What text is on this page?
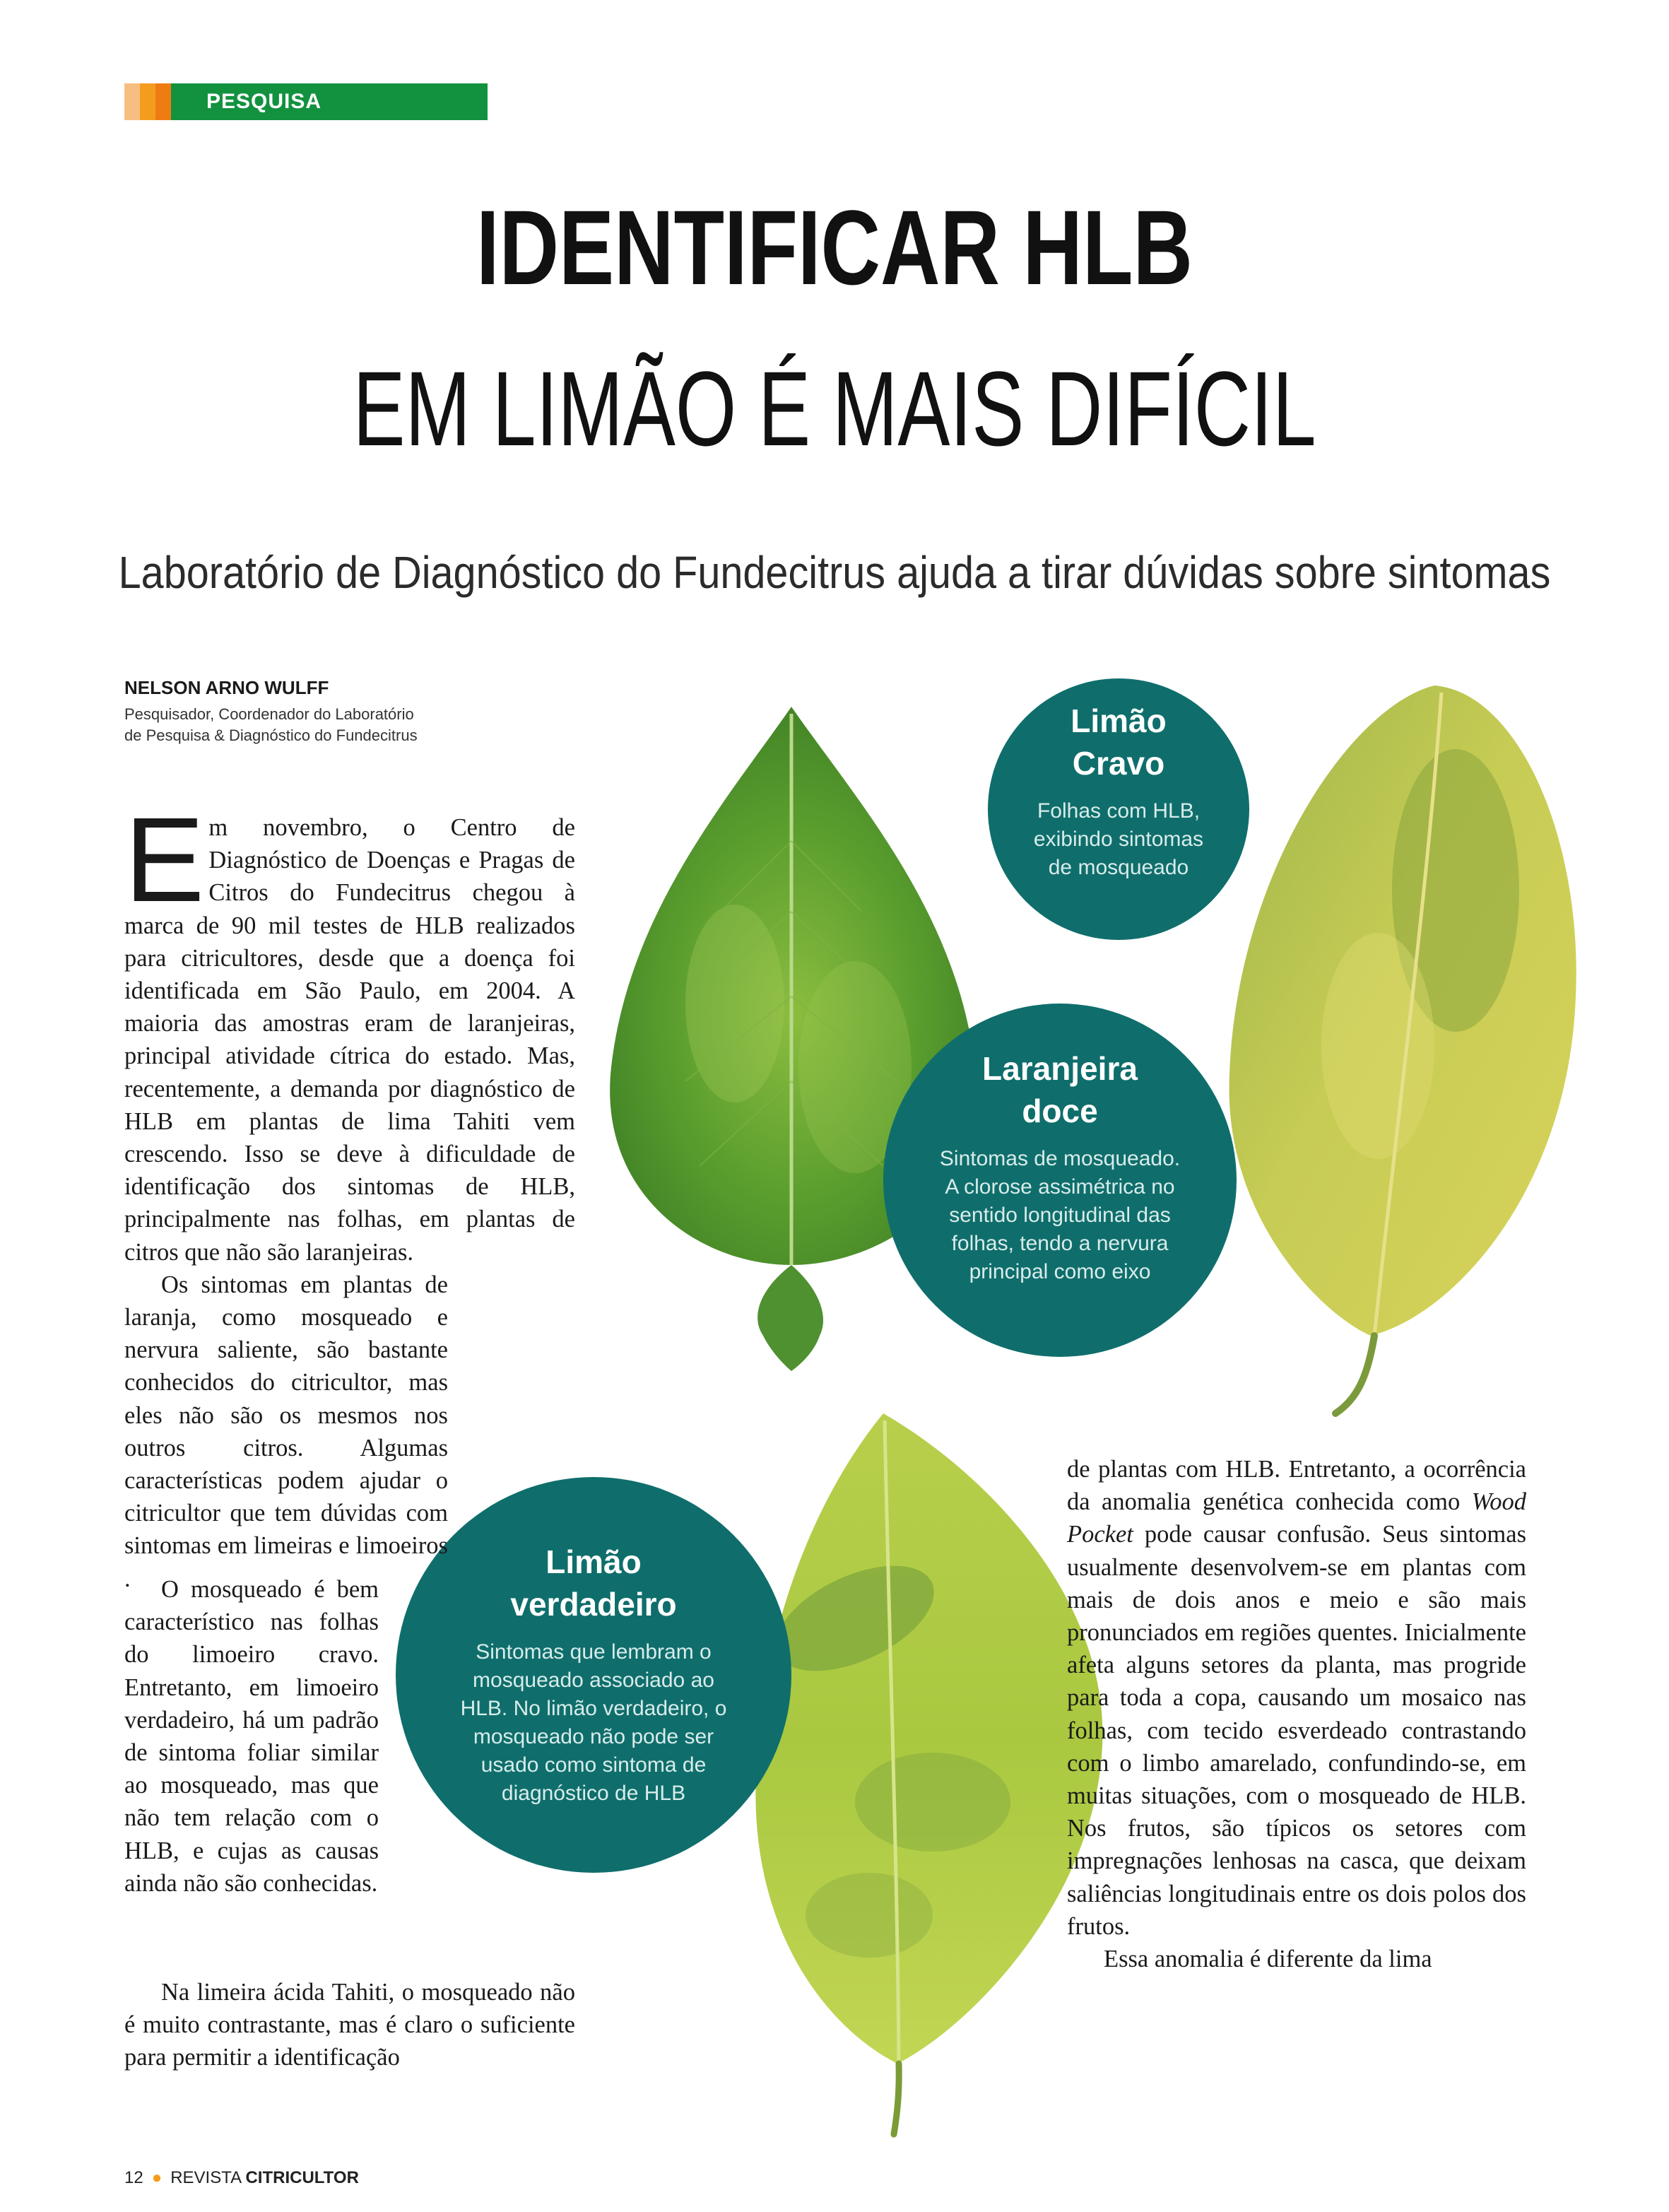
PESQUISA
IDENTIFICAR HLB
EM LIMÃO É MAIS DIFÍCIL
Laboratório de Diagnóstico do Fundecitrus ajuda a tirar dúvidas sobre sintomas
NELSON ARNO WULFF
Pesquisador, Coordenador do Laboratório
de Pesquisa & Diagnóstico do Fundecitrus	Limão
Cravo
Folhas com HLB, exibindo sintomas de mosqueado
Laranjeira
doce
Sintomas de mosqueado. A clorose assimétrica no sentido longitudinal das folhas, tendo a nervura principal como eixo
Limão
verdadeiro
Sintomas que lembram o mosqueado associado ao HLB. No limão verdadeiro, o mosqueado não pode ser usado como sintoma de diagnóstico de HLB
E m novembro, o Centro de Diagnóstico de Doenças e Pragas de Citros do Fundecitrus chegou à marca de 90 mil testes de HLB realizados para citricultores, desde que a doença foi identificada em São Paulo, em 2004. A maioria das amostras eram de laranjeiras, principal atividade cítrica do estado. Mas, recentemente, a demanda por diagnóstico de HLB em plantas de lima Tahiti vem crescendo. Isso se deve à dificuldade de identificação dos sintomas de HLB, principalmente nas folhas, em plantas de citros que não são laranjeiras.

Os sintomas em plantas de laranja, como mosqueado e nervura saliente, são bastante conhecidos do citricultor, mas eles não são os mesmos nos outros citros. Algumas características podem ajudar o citricultor que tem dúvidas com sintomas em limeiras e limoeiros .	O mosqueado é bem característico nas folhas do limoeiro cravo. Entretanto, em limoeiro verdadeiro, há um padrão de sintoma foliar similar ao mosqueado, mas que não tem relação com o HLB, e cujas as causas ainda não são conhecidas.

Na limeira ácida Tahiti, o mosqueado não é muito contrastante, mas é claro o suficiente para permitir a identificação

de plantas com HLB. Entretanto, a ocorrência da anomalia genética conhecida como Wood Pocket pode causar confusão. Seus sintomas usualmente desenvolvem-se em plantas com mais de dois anos e meio e são mais pronunciados em regiões quentes. Inicialmente afeta alguns setores da planta, mas progride para toda a copa, causando um mosaico nas folhas, com tecido esverdeado contrastando com o limbo amarelado, confundindo-se, em muitas situações, com o mosqueado de HLB. Nos frutos, são típicos os setores com impregnações lenhosas na casca, que deixam saliências longitudinais entre os dois polos dos frutos.

Essa anomalia é diferente da lima

12 ● REVISTA CITRICULTOR
